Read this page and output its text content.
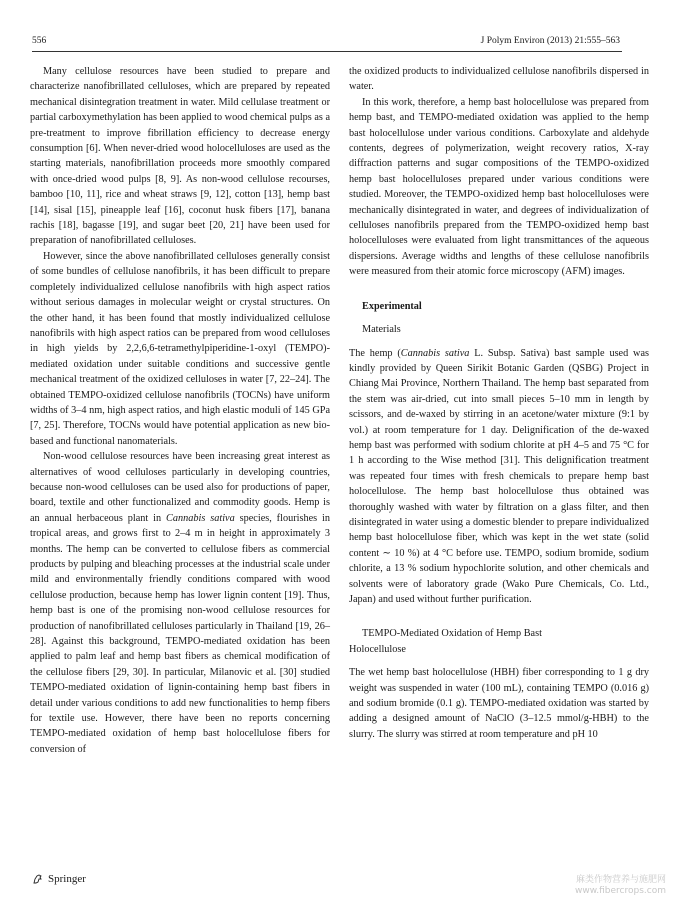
556	J Polym Environ (2013) 21:555–563

Many cellulose resources have been studied to prepare and characterize nanofibrillated celluloses, which are prepared by repeated mechanical disintegration treatment in water. Mild cellulase treatment or partial carboxymethylation has been applied to wood chemical pulps as a pre-treatment to improve fibrillation efficiency to decrease energy consumption [6]. When never-dried wood holocelluloses are used as the starting materials, nanofibrillation proceeds more smoothly compared with once-dried wood pulps [8, 9]. As non-wood cellulose recourses, bamboo [10, 11], rice and wheat straws [9, 12], cotton [13], hemp bast [14], sisal [15], pineapple leaf [16], coconut husk fibers [17], banana rachis [18], bagasse [19], and sugar beet [20, 21] have been used for preparation of nanofibrillated celluloses.

However, since the above nanofibrillated celluloses generally consist of some bundles of cellulose nanofibrils, it has been difficult to prepare completely individualized cellulose nanofibrils with high aspect ratios without serious damages in molecular weight or crystal structures. On the other hand, it has been found that mostly individualized cellulose nanofibrils with high aspect ratios can be prepared from wood celluloses in high yields by 2,2,6,6-tetramethylpiperidine-1-oxyl (TEMPO)-mediated oxidation under suitable conditions and successive gentle mechanical treatment of the oxidized celluloses in water [7, 22–24]. The obtained TEMPO-oxidized cellulose nanofibrils (TOCNs) have uniform widths of 3–4 nm, high aspect ratios, and high elastic moduli of 145 GPa [7, 25]. Therefore, TOCNs would have potential application as new bio-based and functional nanomaterials.

Non-wood cellulose resources have been increasing great interest as alternatives of wood celluloses particularly in developing countries, because non-wood celluloses can be used also for productions of paper, board, textile and other functionalized and commodity goods. Hemp is an annual herbaceous plant in Cannabis sativa species, flourishes in tropical areas, and grows first to 2–4 m in height in approximately 3 months. The hemp can be converted to cellulose fibers as commercial products by pulping and bleaching processes at the industrial scale under mild and environmentally friendly conditions compared with wood cellulose production, because hemp has lower lignin content [19]. Thus, hemp bast is one of the promising non-wood cellulose resources for production of nanofibrillated celluloses particularly in Thailand [19, 26–28]. Against this background, TEMPO-mediated oxidation has been applied to palm leaf and hemp bast fibers as chemical modification of the cellulose fibers [29, 30]. In particular, Milanovic et al. [30] studied TEMPO-mediated oxidation of lignin-containing hemp bast fibers in detail under various conditions to add new functionalities to hemp fibers for textile use. However, there have been no reports concerning TEMPO-mediated oxidation of hemp bast holocellulose fibers for conversion of

the oxidized products to individualized cellulose nanofibrils dispersed in water.

In this work, therefore, a hemp bast holocellulose was prepared from hemp bast, and TEMPO-mediated oxidation was applied to the hemp bast holocellulose under various conditions. Carboxylate and aldehyde contents, degrees of polymerization, weight recovery ratios, X-ray diffraction patterns and sugar compositions of the TEMPO-oxidized hemp bast holocelluloses prepared under various conditions were studied. Moreover, the TEMPO-oxidized hemp bast holocelluloses were mechanically disintegrated in water, and degrees of individualization of celluloses nanofibrils prepared from the TEMPO-oxidized hemp bast holocelluloses were evaluated from light transmittances of the aqueous dispersions. Average widths and lengths of these cellulose nanofibrils were measured from their atomic force microscopy (AFM) images.

Experimental

Materials

The hemp (Cannabis sativa L. Subsp. Sativa) bast sample used was kindly provided by Queen Sirikit Botanic Garden (QSBG) Project in Chiang Mai Province, Northern Thailand. The hemp bast separated from the stem was air-dried, cut into small pieces 5–10 mm in length by scissors, and de-waxed by stirring in an acetone/water mixture (9:1 by vol.) at room temperature for 1 day. Delignification of the de-waxed hemp bast was performed with sodium chlorite at pH 4–5 and 75 °C for 1 h according to the Wise method [31]. This delignification treatment was repeated four times with fresh chemicals to prepare hemp bast holocellulose. The hemp bast holocellulose thus obtained was thoroughly washed with water by filtration on a glass filter, and then disintegrated in water using a domestic blender to prepare individualized hemp bast holocellulose fiber, which was kept in the wet state (solid content ∼ 10 %) at 4 °C before use. TEMPO, sodium bromide, sodium chlorite, a 13 % sodium hypochlorite solution, and other chemicals and solvents were of laboratory grade (Wako Pure Chemicals, Co. Ltd., Japan) and used without further purification.

TEMPO-Mediated Oxidation of Hemp Bast
Holocellulose

The wet hemp bast holocellulose (HBH) fiber corresponding to 1 g dry weight was suspended in water (100 mL), containing TEMPO (0.016 g) and sodium bromide (0.1 g). TEMPO-mediated oxidation was started by adding a designed amount of NaClO (3–12.5 mmol/g-HBH) to the slurry. The slurry was stirred at room temperature and pH 10

Springer	麻类作物营养与施肥网
www.fibercrops.com
